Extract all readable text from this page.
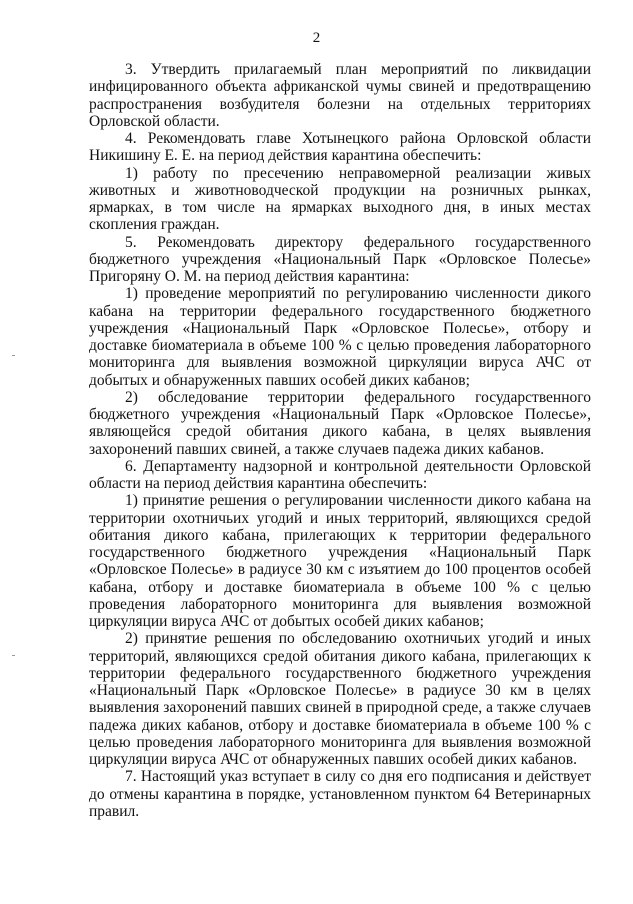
2

3. Утвердить прилагаемый план мероприятий по ликвидации инфицированного объекта африканской чумы свиней и предотвращению распространения возбудителя болезни на отдельных территориях Орловской области.

4. Рекомендовать главе Хотынецкого района Орловской области Никишину Е. Е. на период действия карантина обеспечить:

1) работу по пресечению неправомерной реализации живых животных и животноводческой продукции на розничных рынках, ярмарках, в том числе на ярмарках выходного дня, в иных местах скопления граждан.

5. Рекомендовать директору федерального государственного бюджетного учреждения «Национальный Парк «Орловское Полесье» Пригоряну О. М. на период действия карантина:

1) проведение мероприятий по регулированию численности дикого кабана на территории федерального государственного бюджетного учреждения «Национальный Парк «Орловское Полесье», отбору и доставке биоматериала в объеме 100 % с целью проведения лабораторного мониторинга для выявления возможной циркуляции вируса АЧС от добытых и обнаруженных павших особей диких кабанов;

2) обследование территории федерального государственного бюджетного учреждения «Национальный Парк «Орловское Полесье», являющейся средой обитания дикого кабана, в целях выявления захоронений павших свиней, а также случаев падежа диких кабанов.

6. Департаменту надзорной и контрольной деятельности Орловской области на период действия карантина обеспечить:

1) принятие решения о регулировании численности дикого кабана на территории охотничьих угодий и иных территорий, являющихся средой обитания дикого кабана, прилегающих к территории федерального государственного бюджетного учреждения «Национальный Парк «Орловское Полесье» в радиусе 30 км с изъятием до 100 процентов особей кабана, отбору и доставке биоматериала в объеме 100 % с целью проведения лабораторного мониторинга для выявления возможной циркуляции вируса АЧС от добытых особей диких кабанов;

2) принятие решения по обследованию охотничьих угодий и иных территорий, являющихся средой обитания дикого кабана, прилегающих к территории федерального государственного бюджетного учреждения «Национальный Парк «Орловское Полесье» в радиусе 30 км в целях выявления захоронений павших свиней в природной среде, а также случаев падежа диких кабанов, отбору и доставке биоматериала в объеме 100 % с целью проведения лабораторного мониторинга для выявления возможной циркуляции вируса АЧС от обнаруженных павших особей диких кабанов.

7. Настоящий указ вступает в силу со дня его подписания и действует до отмены карантина в порядке, установленном пунктом 64 Ветеринарных правил.
